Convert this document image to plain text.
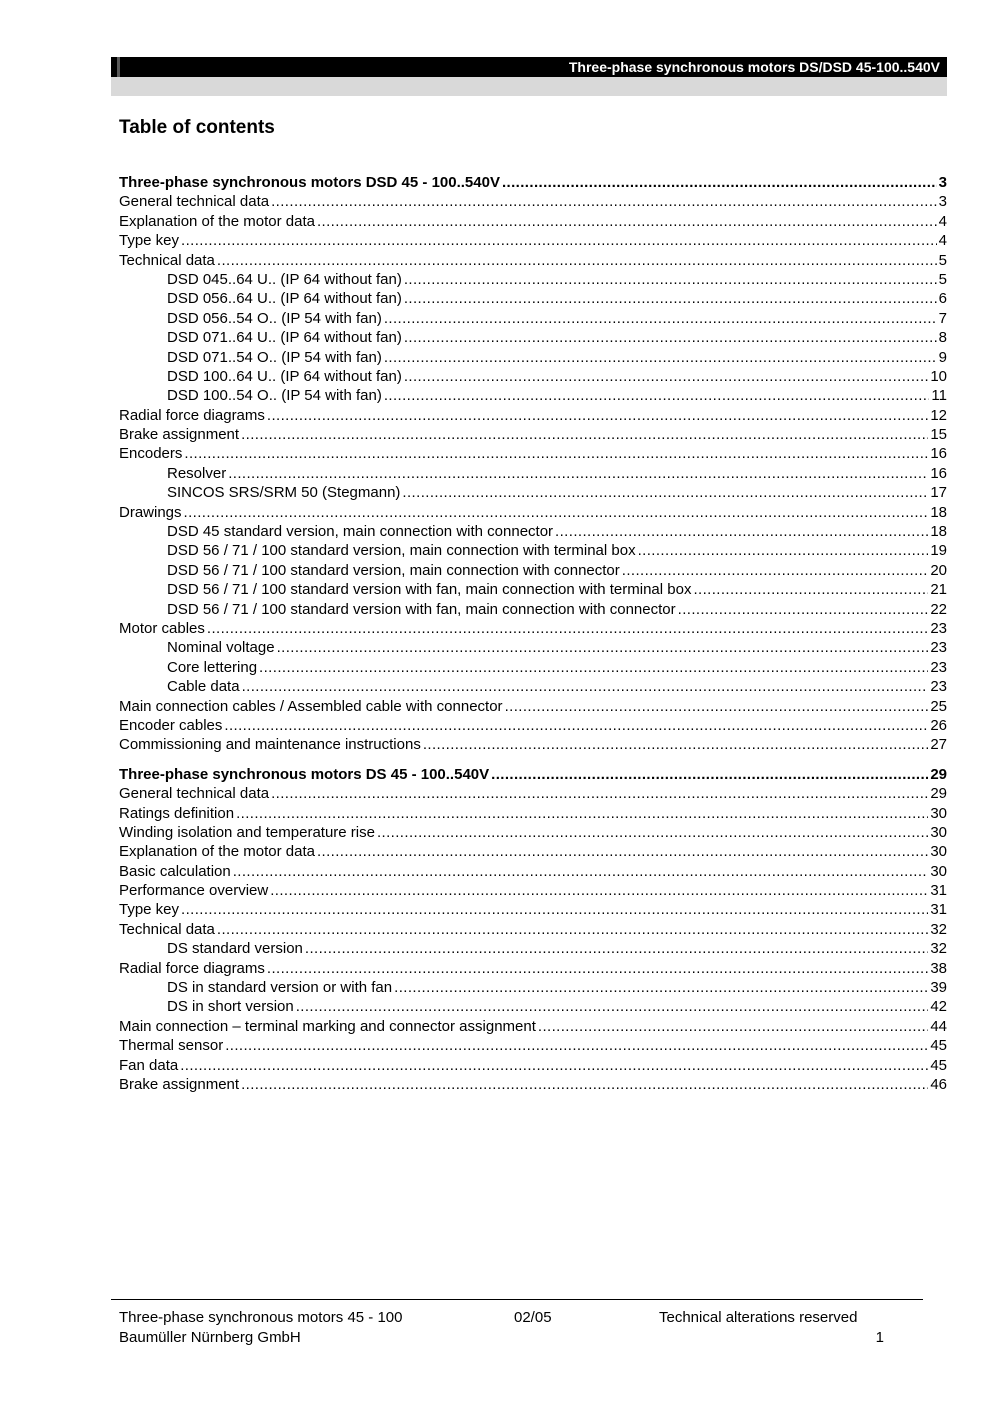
Three-phase synchronous motors DS/DSD 45-100..540V
Table of contents
Three-phase synchronous motors DSD 45 - 100..540V .....	3
General technical data .....	3
Explanation of the motor data .....	4
Type key .....	4
Technical data .....	5
DSD 045..64 U.. (IP 64 without fan) .....	5
DSD 056..64 U.. (IP 64 without fan) .....	6
DSD 056..54 O.. (IP 54 with fan) .....	7
DSD 071..64 U.. (IP 64 without fan) .....	8
DSD 071..54 O.. (IP 54 with fan) .....	9
DSD 100..64 U.. (IP 64 without fan) .....	10
DSD 100..54 O.. (IP 54 with fan) .....	11
Radial force diagrams .....	12
Brake assignment .....	15
Encoders .....	16
Resolver .....	16
SINCOS SRS/SRM 50 (Stegmann) .....	17
Drawings .....	18
DSD 45 standard version, main connection with connector .....	18
DSD 56 / 71 / 100 standard version, main connection with terminal box .....	19
DSD 56 / 71 / 100 standard version, main connection with connector .....	20
DSD 56 / 71 / 100 standard version with fan, main connection with terminal box .....	21
DSD 56 / 71 / 100 standard version with fan, main connection with connector .....	22
Motor cables .....	23
Nominal voltage .....	23
Core lettering .....	23
Cable data .....	23
Main connection cables / Assembled cable with connector .....	25
Encoder cables .....	26
Commissioning and maintenance instructions .....	27
Three-phase synchronous motors DS 45 - 100..540V .....	29
General technical data .....	29
Ratings definition .....	30
Winding isolation and temperature rise .....	30
Explanation of the motor data .....	30
Basic calculation .....	30
Performance overview .....	31
Type key .....	31
Technical data .....	32
DS standard version .....	32
Radial force diagrams .....	38
DS in standard version or with fan .....	39
DS in short version .....	42
Main connection – terminal marking and connector assignment .....	44
Thermal sensor .....	45
Fan data .....	45
Brake assignment .....	46
Three-phase synchronous motors 45 - 100	02/05	Technical alterations reserved
Baumüller Nürnberg GmbH	1
